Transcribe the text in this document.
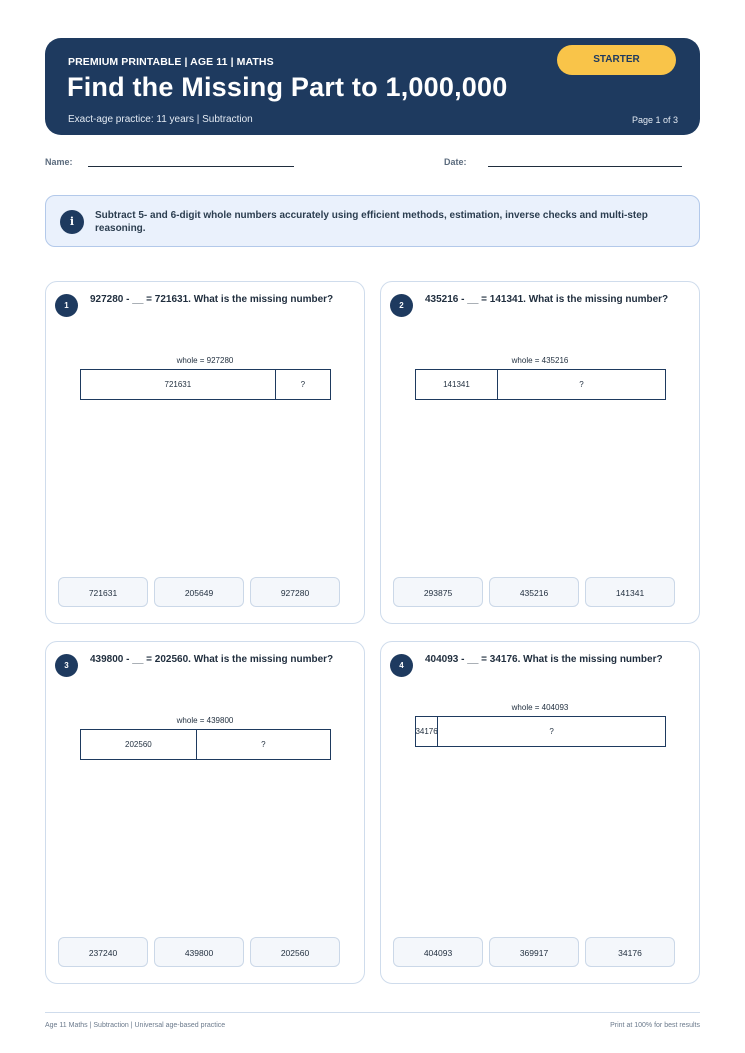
PREMIUM PRINTABLE | AGE 11 | MATHS
Find the Missing Part to 1,000,000
Exact-age practice: 11 years | Subtraction	Page 1 of 3
STARTER
Name:	Date:
i	Subtract 5- and 6-digit whole numbers accurately using efficient methods, estimation, inverse checks and multi-step reasoning.
1
927280 - __ = 721631. What is the missing number?
whole = 927280
721631	?
721631	205649	927280
2
435216 - __ = 141341. What is the missing number?
whole = 435216
141341	?
293875	435216	141341
3
439800 - __ = 202560. What is the missing number?
whole = 439800
202560	?
237240	439800	202560
4
404093 - __ = 34176. What is the missing number?
whole = 404093
34176	?
404093	369917	34176
Age 11 Maths | Subtraction | Universal age-based practice	Print at 100% for best results
